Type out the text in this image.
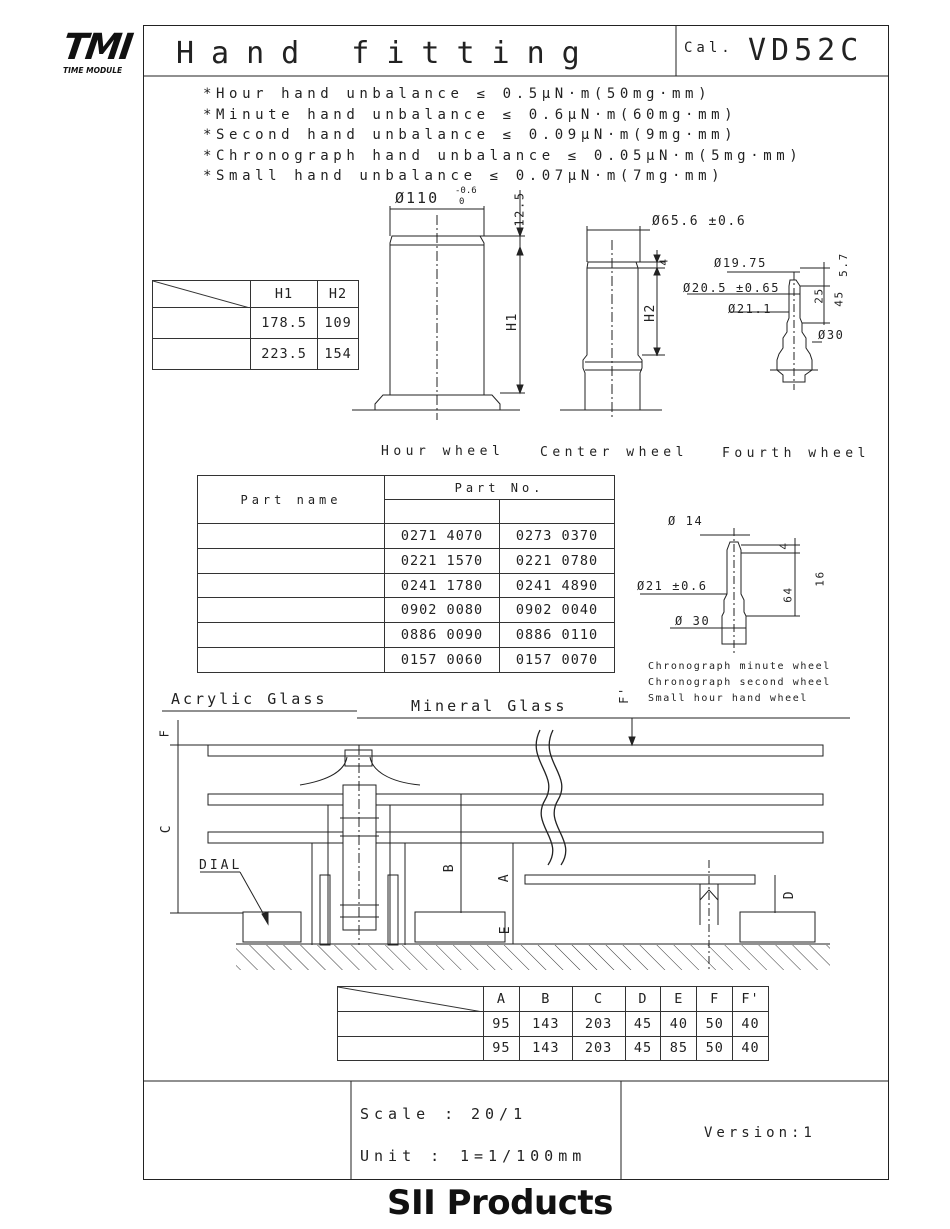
TMI
TIME MODULE Hand fitting	Cal. VD52C
*Hour hand unbalance ≤ 0.5μN·m(50mg·mm)
*Minute hand unbalance ≤ 0.6μN·m(60mg·mm)
*Second hand unbalance ≤ 0.09μN·m(9mg·mm)
*Chronograph hand unbalance ≤ 0.05μN·m(5mg·mm)
*Small hand unbalance ≤ 0.07μN·m(7mg·mm)
Ø110 -0.6
0	12.5
H1
Hour wheel
	H1	H2
	178.5	109
	223.5	154
Ø65.6 ±0.6
4
H2
Center wheel
Ø19.75
Ø20.5 ±0.65
Ø21.1
Ø30
5.7
25 45
Fourth wheel
Part name	Part No.	

	0271 4070	0273 0370
	0221 1570	0221 0780
	0241 1780	0241 4890
	0902 0080	0902 0040
	0886 0090	0886 0110
	0157 0060	0157 0070
Ø 14
Ø21 ±0.6
Ø 30
4
16
64
Chronograph minute wheel
Chronograph second wheel
Small hour hand wheel
Acrylic Glass	Mineral Glass
DIAL
F
F'
C
B
A
D
E
	A	B	C	D	E	F	F'
	95	143	203	45	40	50	40
	95	143	203	45	85	50	40
Scale : 20/1
Unit : 1=1/100mm
Version:1
SII Products
